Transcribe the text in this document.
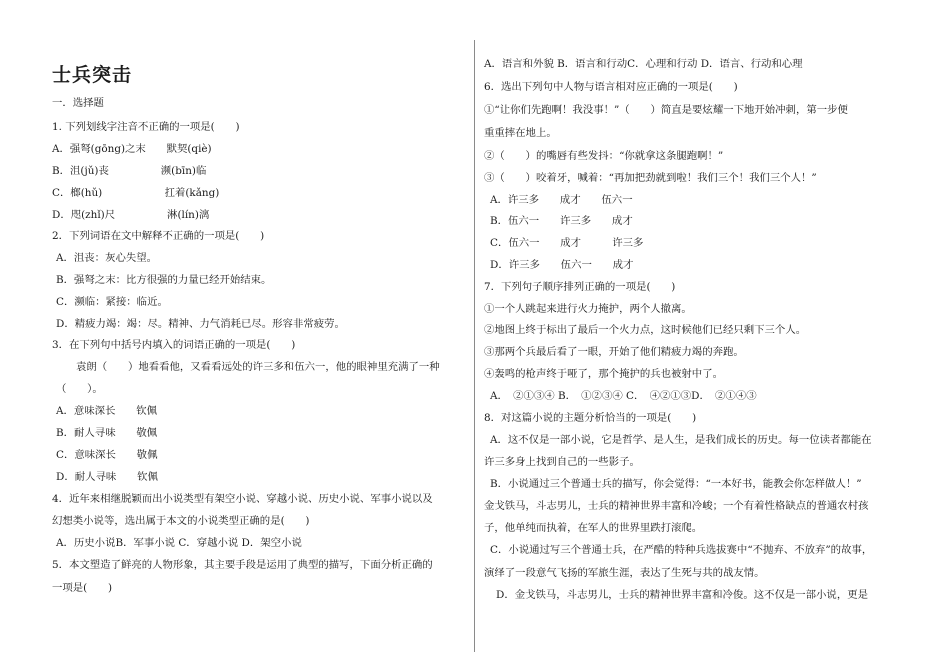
士兵突击
一．选择题
1. 下列划线字注音不正确的一项是(　　)
A．强弩(gōng)之末　　默契(qiè)
B．沮(jǔ)丧　　　　　濒(bīn)临
C．榔(hǔ)　　　　　　扛着(kǎng)
D．咫(zhǐ)尺　　　　　淋(lín)漓
2．下列词语在文中解释不正确的一项是(　　)
A．沮丧：灰心失望。
B．强弩之末：比方很强的力量已经开始结束。
C．濒临：紧接：临近。
D．精疲力竭：竭：尽。精神、力气消耗已尽。形容非常疲劳。
3．在下列句中括号内填入的词语正确的一项是(　　)
袁朗（　　）地看看他，又看看远处的许三多和伍六一，他的眼神里充满了一种
（　　）。
A．意味深长　　钦佩
B．耐人寻味　　敬佩
C．意味深长　　敬佩
D．耐人寻味　　钦佩
4．近年来相继脱颖而出小说类型有架空小说、穿越小说、历史小说、军事小说以及
幻想类小说等，选出属于本文的小说类型正确的是(　　)
A．历史小说B．军事小说 C．穿越小说 D．架空小说
5．本文塑造了鲜亮的人物形象，其主要手段是运用了典型的描写，下面分析正确的
一项是(　　)
A．语言和外貌 B．语言和行动C．心理和行动 D．语言、行动和心理
6．选出下列句中人物与语言相对应正确的一项是(　　)
①“让你们先跑啊！我没事！”（　　）简直是要炫耀一下地开始冲刺，第一步便
重重摔在地上。
②（　　）的嘴唇有些发抖：“你就拿这条腿跑啊！”
③（　　）咬着牙，喊着：“再加把劲就到啦！我们三个！我们三个人！”
A．许三多　　成才　　伍六一
B．伍六一　　许三多　　成才
C．伍六一　　成才　　　许三多
D．许三多　　伍六一　　成才
7．下列句子顺序排列正确的一项是(　　)
①一个人跳起来进行火力掩护，两个人撤离。
②地图上终于标出了最后一个火力点，这时候他们已经只剩下三个人。
③那两个兵最后看了一眼，开始了他们精疲力竭的奔跑。
④轰鸣的枪声终于哑了，那个掩护的兵也被射中了。
A．　②①③④ B．　①②③④ C．　④②①③D．　②①④③
8．对这篇小说的主题分析恰当的一项是(　　)
A．这不仅是一部小说，它是哲学、是人生，是我们成长的历史。每一位读者都能在
许三多身上找到自己的一些影子。
B．小说通过三个普通士兵的描写，你会觉得：“一本好书，能教会你怎样做人！”
金戈铁马，斗志男儿，士兵的精神世界丰富和冷峻；一个有着性格缺点的普通农村孩
子，他单纯而执着，在军人的世界里跌打滚爬。
C．小说通过写三个普通士兵，在严酷的特种兵选拔赛中“不抛弃、不放弃”的故事，
演绎了一段意气飞扬的军旅生涯，表达了生死与共的战友情。
D．金戈铁马，斗志男儿，士兵的精神世界丰富和冷俊。这不仅是一部小说，更是
